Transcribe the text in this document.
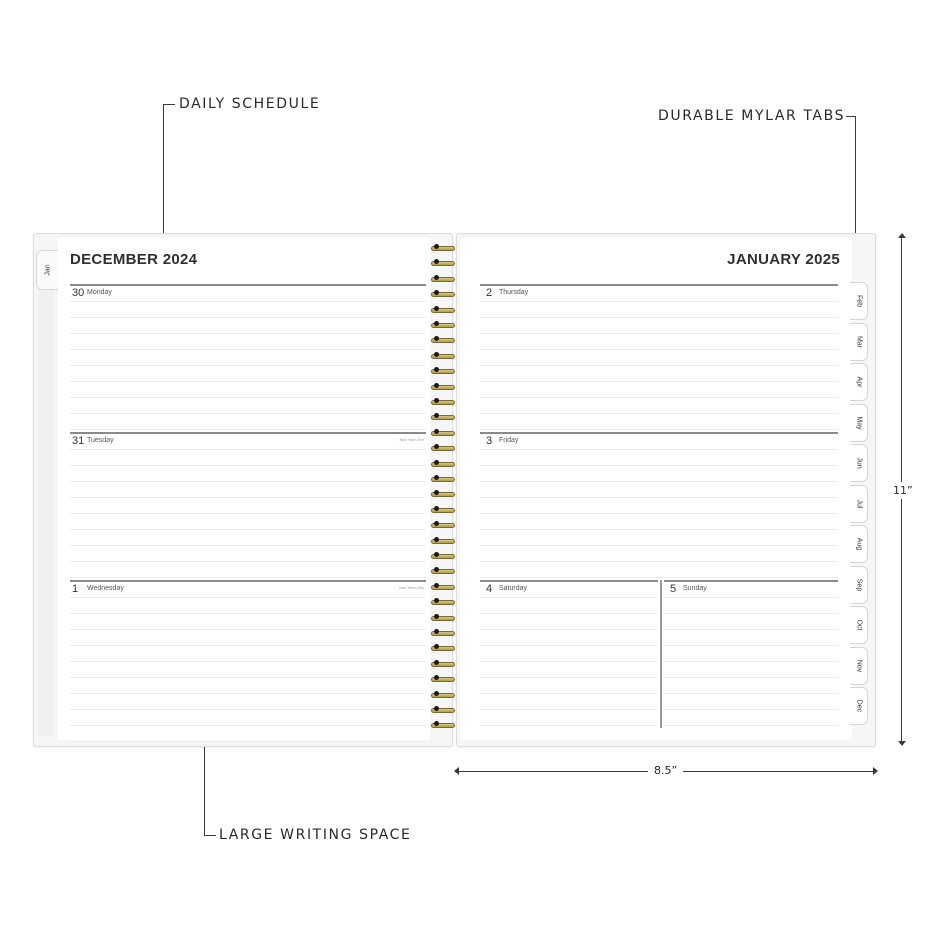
DAILY SCHEDULE
DURABLE MYLAR TABS
LARGE WRITING SPACE
11”
8.5”
Jan
DECEMBER 2024
30 Monday
31 Tuesday	New Year's Eve
1 Wednesday	New Year's Day
JANUARY 2025
2 Thursday
3 Friday
4 Saturday	5 Sunday
Feb
Mar
Apr
May
Jun
Jul
Aug
Sep
Oct
Nov
Dec
